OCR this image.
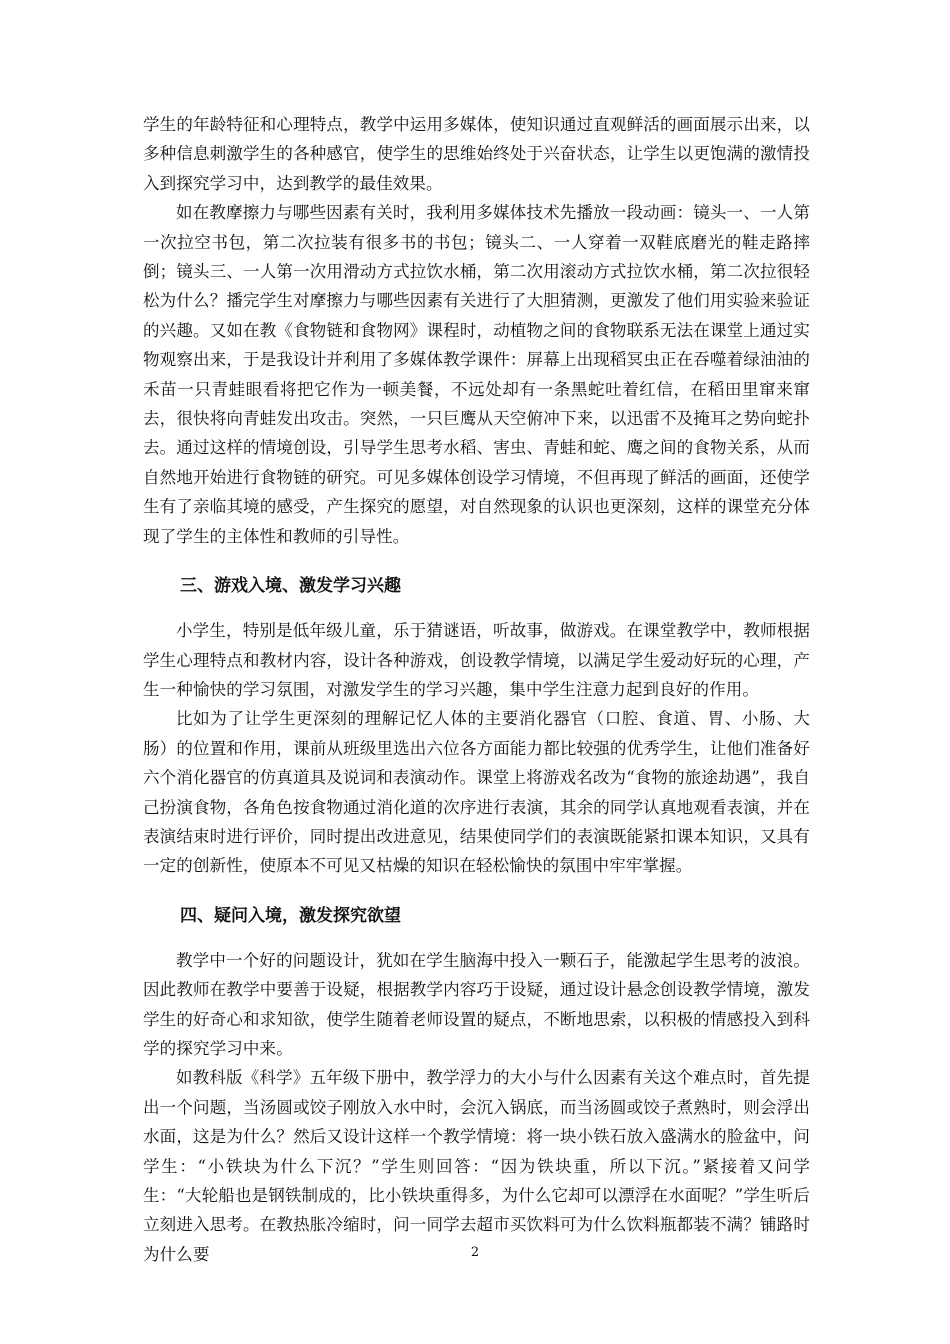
学生的年龄特征和心理特点，教学中运用多媒体，使知识通过直观鲜活的画面展示出来，以多种信息刺激学生的各种感官，使学生的思维始终处于兴奋状态，让学生以更饱满的激情投入到探究学习中，达到教学的最佳效果。

如在教摩擦力与哪些因素有关时，我利用多媒体技术先播放一段动画：镜头一、一人第一次拉空书包，第二次拉装有很多书的书包；镜头二、一人穿着一双鞋底磨光的鞋走路摔倒；镜头三、一人第一次用滑动方式拉饮水桶，第二次用滚动方式拉饮水桶，第二次拉很轻松为什么？播完学生对摩擦力与哪些因素有关进行了大胆猜测，更激发了他们用实验来验证的兴趣。又如在教《食物链和食物网》课程时，动植物之间的食物联系无法在课堂上通过实物观察出来，于是我设计并利用了多媒体教学课件：屏幕上出现稻冥虫正在吞噬着绿油油的禾苗一只青蛙眼看将把它作为一顿美餐，不远处却有一条黑蛇吐着红信，在稻田里窜来窜去，很快将向青蛙发出攻击。突然，一只巨鹰从天空俯冲下来，以迅雷不及掩耳之势向蛇扑去。通过这样的情境创设，引导学生思考水稻、害虫、青蛙和蛇、鹰之间的食物关系，从而自然地开始进行食物链的研究。可见多媒体创设学习情境，不但再现了鲜活的画面，还使学生有了亲临其境的感受，产生探究的愿望，对自然现象的认识也更深刻，这样的课堂充分体现了学生的主体性和教师的引导性。

三、游戏入境、激发学习兴趣

小学生，特别是低年级儿童，乐于猜谜语，听故事，做游戏。在课堂教学中，教师根据学生心理特点和教材内容，设计各种游戏，创设教学情境，以满足学生爱动好玩的心理，产生一种愉快的学习氛围，对激发学生的学习兴趣，集中学生注意力起到良好的作用。

比如为了让学生更深刻的理解记忆人体的主要消化器官（口腔、食道、胃、小肠、大肠）的位置和作用，课前从班级里选出六位各方面能力都比较强的优秀学生，让他们准备好六个消化器官的仿真道具及说词和表演动作。课堂上将游戏名改为“食物的旅途劫遇”，我自己扮演食物，各角色按食物通过消化道的次序进行表演，其余的同学认真地观看表演，并在表演结束时进行评价，同时提出改进意见，结果使同学们的表演既能紧扣课本知识，又具有一定的创新性，使原本不可见又枯燥的知识在轻松愉快的氛围中牢牢掌握。

四、疑问入境，激发探究欲望

教学中一个好的问题设计，犹如在学生脑海中投入一颗石子，能激起学生思考的波浪。因此教师在教学中要善于设疑，根据教学内容巧于设疑，通过设计悬念创设教学情境，激发学生的好奇心和求知欲，使学生随着老师设置的疑点，不断地思索，以积极的情感投入到科学的探究学习中来。

如教科版《科学》五年级下册中，教学浮力的大小与什么因素有关这个难点时，首先提出一个问题，当汤圆或饺子刚放入水中时，会沉入锅底，而当汤圆或饺子煮熟时，则会浮出水面，这是为什么？然后又设计这样一个教学情境：将一块小铁石放入盛满水的脸盆中，问学生：“小铁块为什么下沉？”学生则回答：“因为铁块重，所以下沉。”紧接着又问学生：“大轮船也是钢铁制成的，比小铁块重得多，为什么它却可以漂浮在水面呢？”学生听后立刻进入思考。在教热胀冷缩时，问一同学去超市买饮料可为什么饮料瓶都装不满？铺路时为什么要	2
